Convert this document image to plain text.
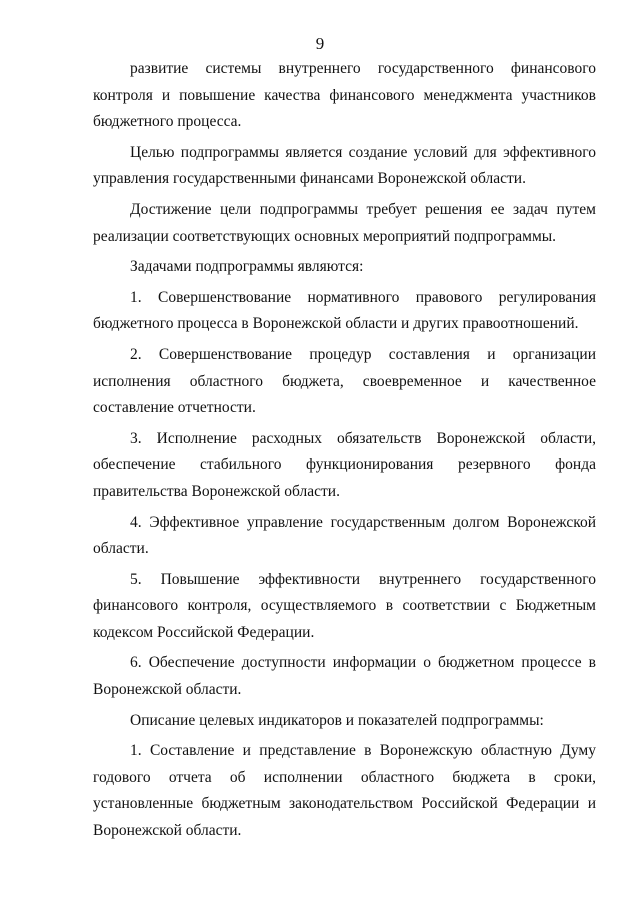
9

развитие системы внутреннего государственного финансового контроля и повышение качества финансового менеджмента участников бюджетного процесса.

Целью подпрограммы является создание условий для эффективного управления государственными финансами Воронежской области.

Достижение цели подпрограммы требует решения ее задач путем реализации соответствующих основных мероприятий подпрограммы.

Задачами подпрограммы являются:

1. Совершенствование нормативного правового регулирования бюджетного процесса в Воронежской области и других правоотношений.

2. Совершенствование процедур составления и организации исполнения областного бюджета, своевременное и качественное составление отчетности.

3. Исполнение расходных обязательств Воронежской области, обеспечение стабильного функционирования резервного фонда правительства Воронежской области.

4. Эффективное управление государственным долгом Воронежской области.

5. Повышение эффективности внутреннего государственного финансового контроля, осуществляемого в соответствии с Бюджетным кодексом Российской Федерации.

6. Обеспечение доступности информации о бюджетном процессе в Воронежской области.

Описание целевых индикаторов и показателей подпрограммы:

1. Составление и представление в Воронежскую областную Думу годового отчета об исполнении областного бюджета в сроки, установленные бюджетным законодательством Российской Федерации и Воронежской области.
